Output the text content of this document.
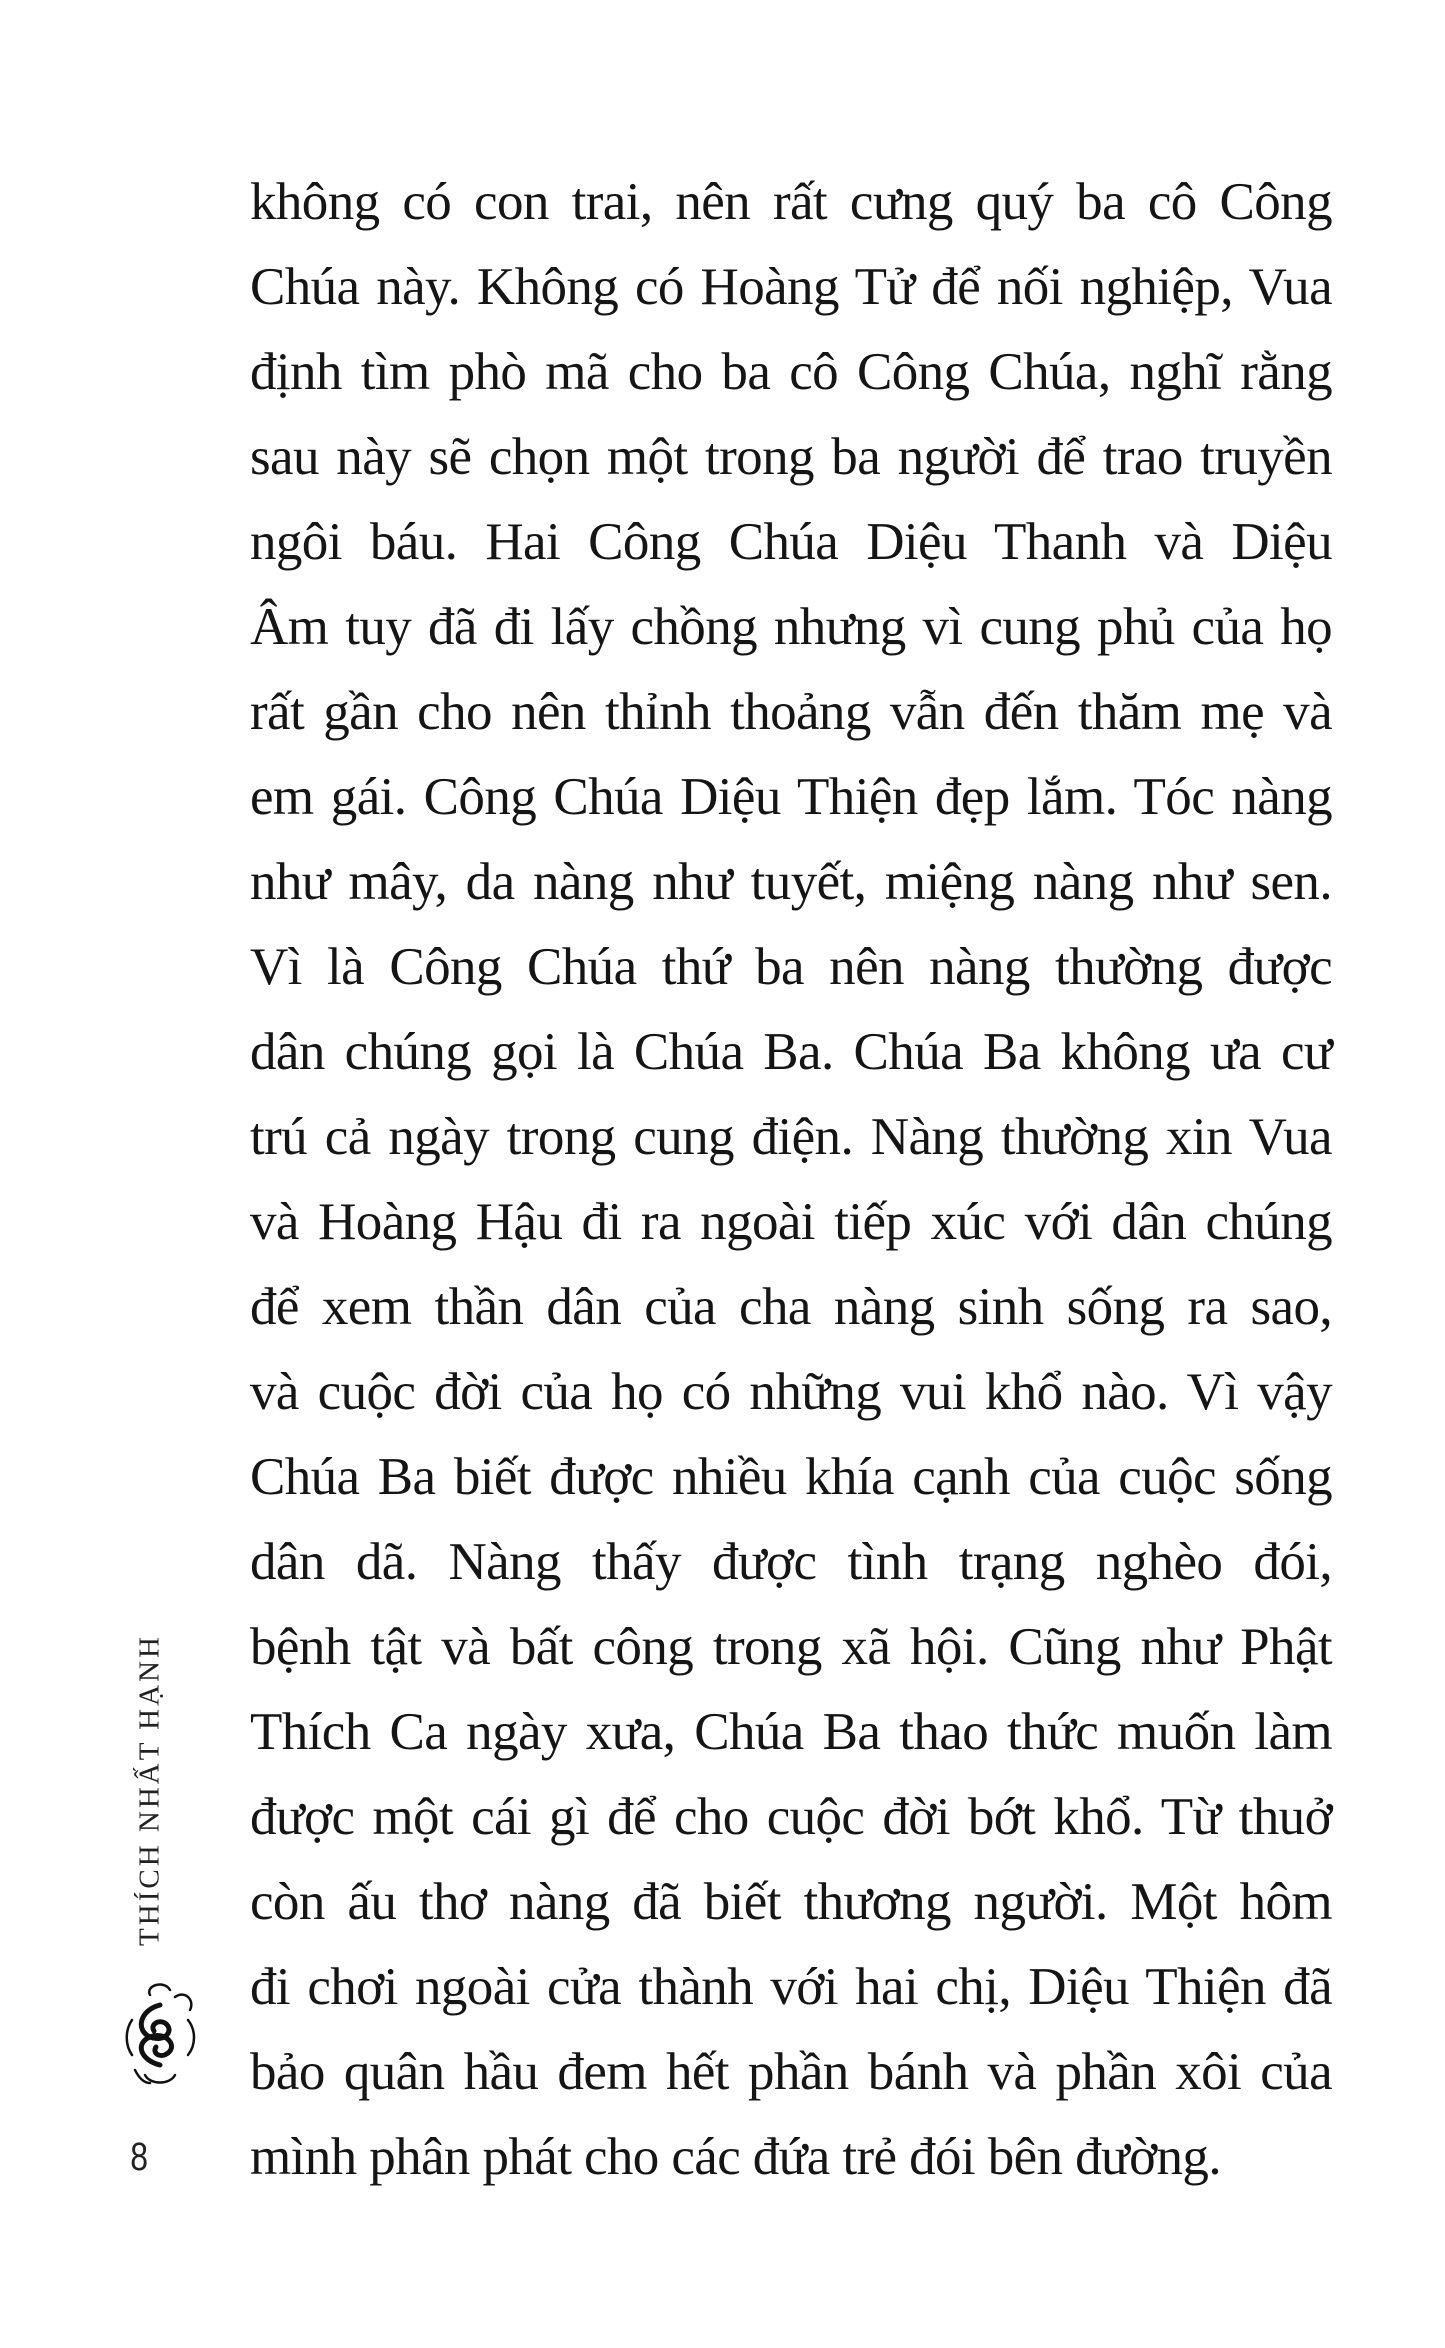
không có con trai, nên rất cưng quý ba cô Công
Chúa này. Không có Hoàng Tử để nối nghiệp, Vua
định tìm phò mã cho ba cô Công Chúa, nghĩ rằng
sau này sẽ chọn một trong ba người để trao truyền
ngôi báu. Hai Công Chúa Diệu Thanh và Diệu
Âm tuy đã đi lấy chồng nhưng vì cung phủ của họ
rất gần cho nên thỉnh thoảng vẫn đến thăm mẹ và
em gái. Công Chúa Diệu Thiện đẹp lắm. Tóc nàng
như mây, da nàng như tuyết, miệng nàng như sen.
Vì là Công Chúa thứ ba nên nàng thường được
dân chúng gọi là Chúa Ba. Chúa Ba không ưa cư
trú cả ngày trong cung điện. Nàng thường xin Vua
và Hoàng Hậu đi ra ngoài tiếp xúc với dân chúng
để xem thần dân của cha nàng sinh sống ra sao,
và cuộc đời của họ có những vui khổ nào. Vì vậy
Chúa Ba biết được nhiều khía cạnh của cuộc sống
dân dã. Nàng thấy được tình trạng nghèo đói,
bệnh tật và bất công trong xã hội. Cũng như Phật
Thích Ca ngày xưa, Chúa Ba thao thức muốn làm
được một cái gì để cho cuộc đời bớt khổ. Từ thuở
còn ấu thơ nàng đã biết thương người. Một hôm
đi chơi ngoài cửa thành với hai chị, Diệu Thiện đã
bảo quân hầu đem hết phần bánh và phần xôi của
mình phân phát cho các đứa trẻ đói bên đường.
THÍCH NHẤT HẠNH
8
